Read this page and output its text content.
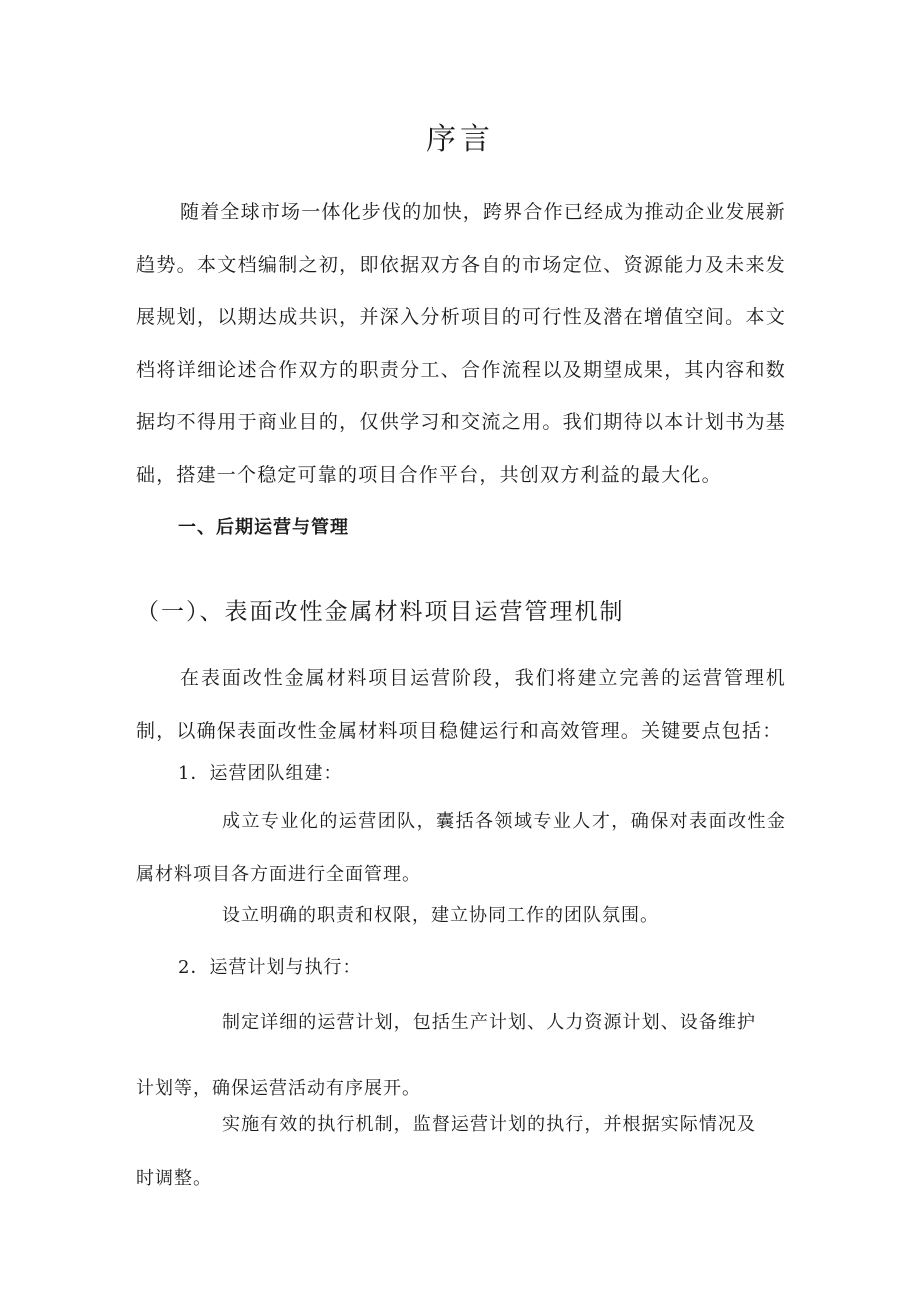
序言

随着全球市场一体化步伐的加快，跨界合作已经成为推动企业发展新趋势。本文档编制之初，即依据双方各自的市场定位、资源能力及未来发展规划，以期达成共识，并深入分析项目的可行性及潜在增值空间。本文档将详细论述合作双方的职责分工、合作流程以及期望成果，其内容和数据均不得用于商业目的，仅供学习和交流之用。我们期待以本计划书为基础，搭建一个稳定可靠的项目合作平台，共创双方利益的最大化。

一、后期运营与管理
（一）、表面改性金属材料项目运营管理机制

在表面改性金属材料项目运营阶段，我们将建立完善的运营管理机制，以确保表面改性金属材料项目稳健运行和高效管理。关键要点包括：

1．运营团队组建：

成立专业化的运营团队，囊括各领域专业人才，确保对表面改性金属材料项目各方面进行全面管理。

设立明确的职责和权限，建立协同工作的团队氛围。

2．运营计划与执行：

制定详细的运营计划，包括生产计划、人力资源计划、设备维护计划等，确保运营活动有序展开。

实施有效的执行机制，监督运营计划的执行，并根据实际情况及时调整。
